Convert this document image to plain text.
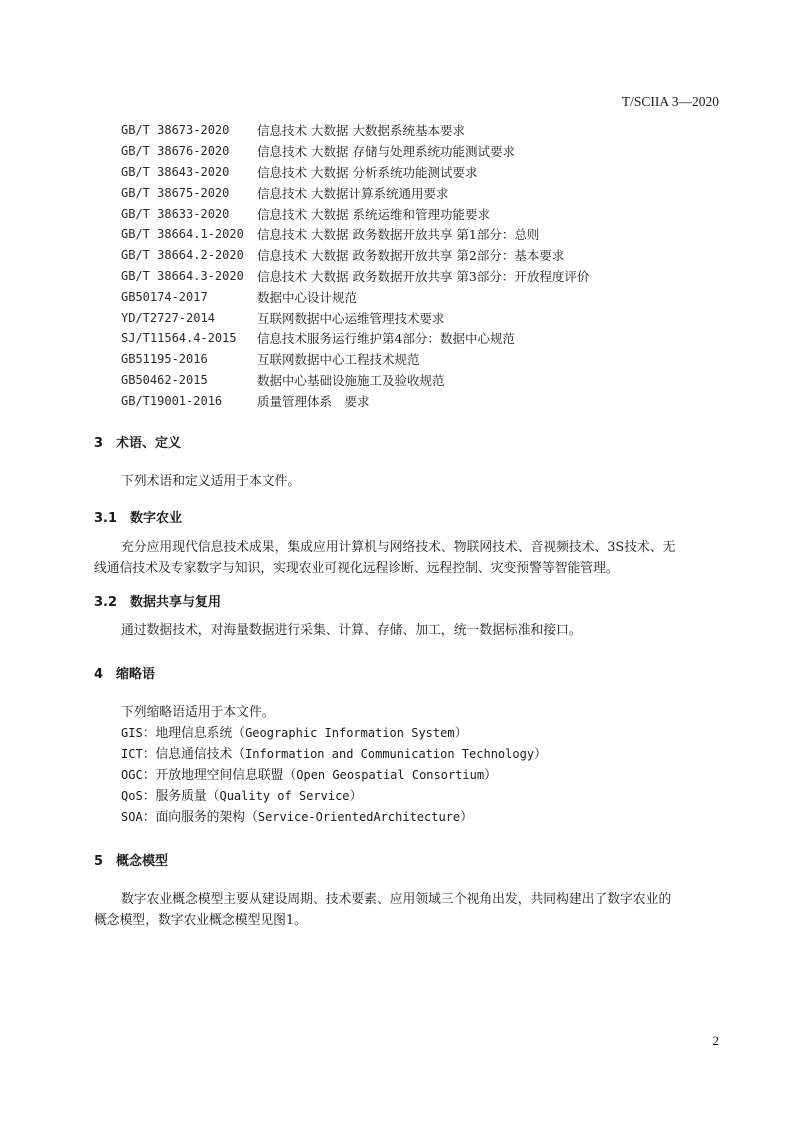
T/SCIIA 3—2020
GB/T 38673-2020	信息技术 大数据 大数据系统基本要求
GB/T 38676-2020	信息技术 大数据 存储与处理系统功能测试要求
GB/T 38643-2020	信息技术 大数据 分析系统功能测试要求
GB/T 38675-2020	信息技术 大数据计算系统通用要求
GB/T 38633-2020	信息技术 大数据 系统运维和管理功能要求
GB/T 38664.1-2020	信息技术 大数据 政务数据开放共享 第1部分：总则
GB/T 38664.2-2020	信息技术 大数据 政务数据开放共享 第2部分：基本要求
GB/T 38664.3-2020	信息技术 大数据 政务数据开放共享 第3部分：开放程度评价
GB50174-2017	数据中心设计规范
YD/T2727-2014	互联网数据中心运维管理技术要求
SJ/T11564.4-2015	信息技术服务运行维护第4部分：数据中心规范
GB51195-2016	互联网数据中心工程技术规范
GB50462-2015	数据中心基础设施施工及验收规范
GB/T19001-2016	质量管理体系　要求
3 术语、定义
下列术语和定义适用于本文件。
3.1 数字农业
充分应用现代信息技术成果，集成应用计算机与网络技术、物联网技术、音视频技术、3S技术、无
线通信技术及专家数字与知识，实现农业可视化远程诊断、远程控制、灾变预警等智能管理。
3.2 数据共享与复用
通过数据技术，对海量数据进行采集、计算、存储、加工，统一数据标准和接口。
4 缩略语
下列缩略语适用于本文件。
GIS：地理信息系统（Geographic Information System）
ICT：信息通信技术（Information and Communication Technology）
OGC：开放地理空间信息联盟（Open Geospatial Consortium）
QoS：服务质量（Quality of Service）
SOA：面向服务的架构（Service-OrientedArchitecture）
5 概念模型
数字农业概念模型主要从建设周期、技术要素、应用领域三个视角出发，共同构建出了数字农业的
概念模型，数字农业概念模型见图1。
2
